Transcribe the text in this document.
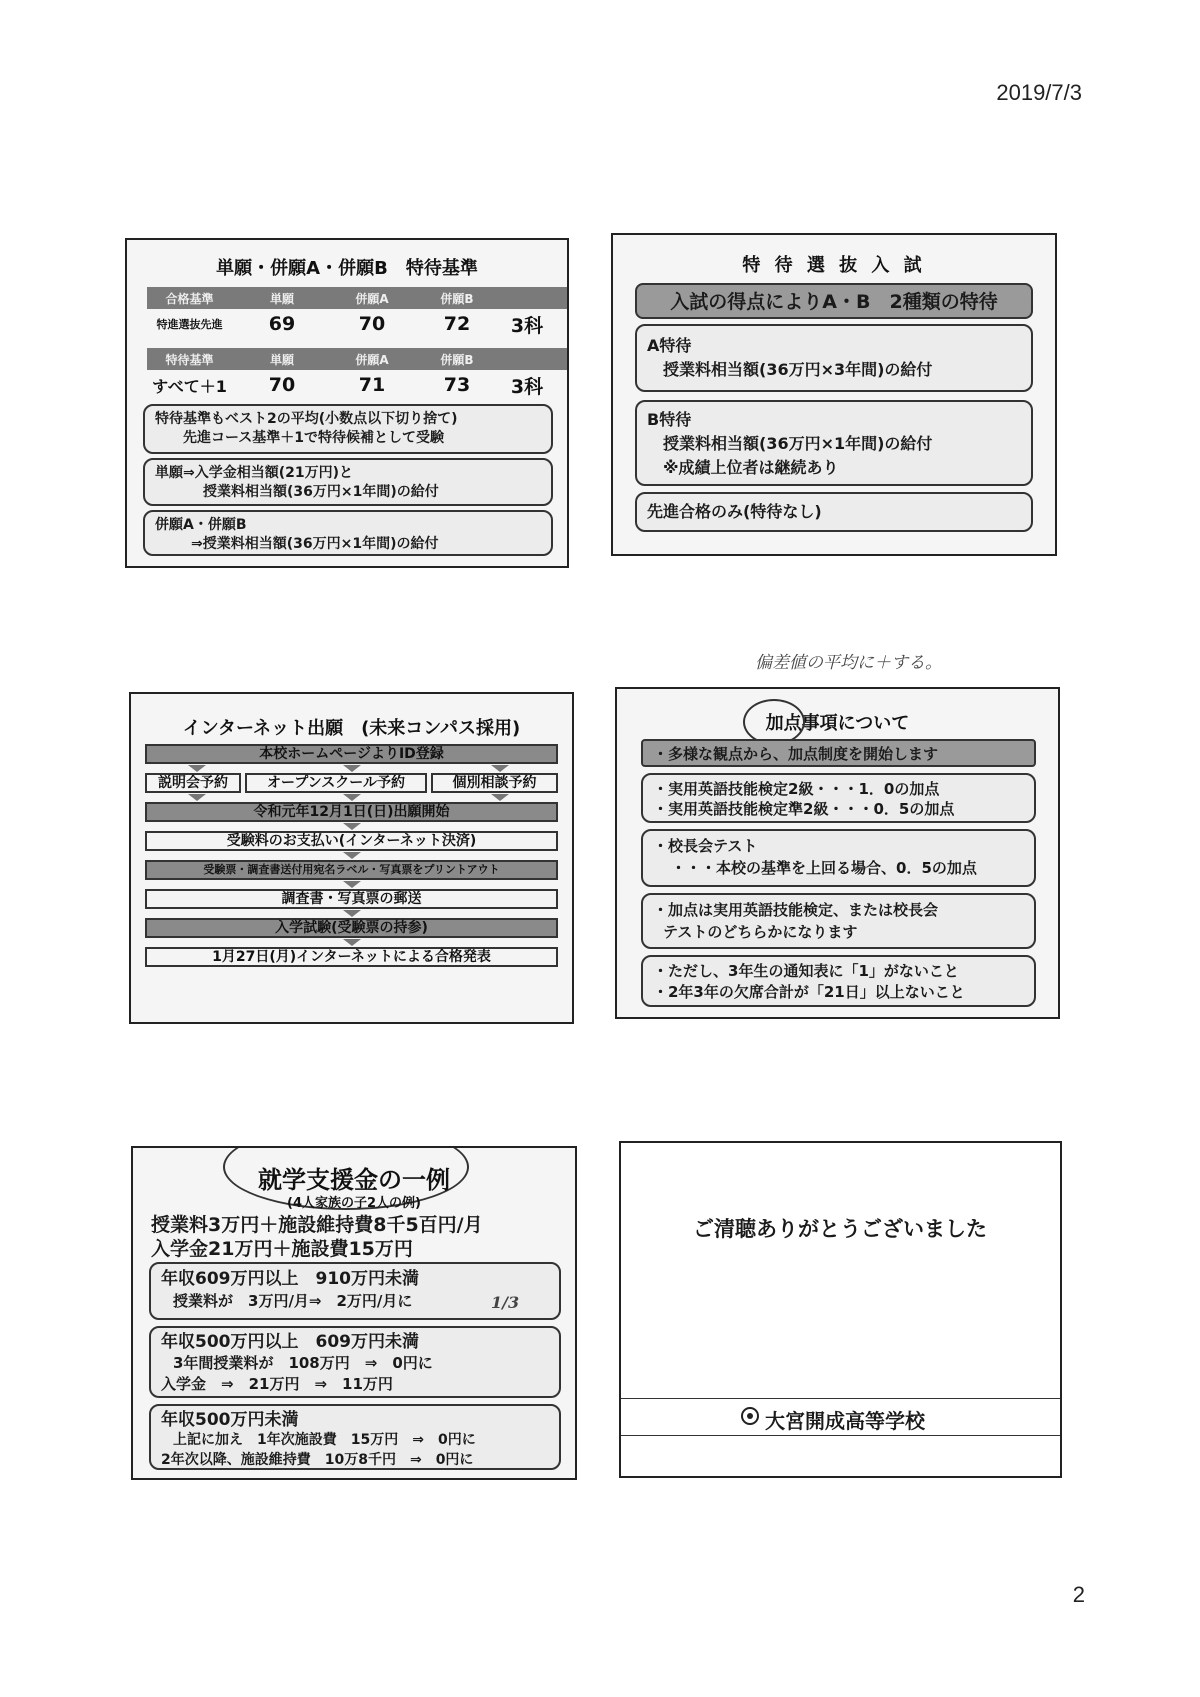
2019/7/3
2
単願・併願A・併願B　特待基準
合格基準	単願	併願A	併願B
特進選抜先進	69	70	72	3科
特待基準	単願	併願A	併願B
すべて＋1	70	71	73	3科
特待基準もベスト2の平均(小数点以下切り捨て)
先進コース基準＋1で特待候補として受験
単願⇒入学金相当額(21万円)と
授業料相当額(36万円×1年間)の給付
併願A・併願B
⇒授業料相当額(36万円×1年間)の給付
特 待 選 抜 入 試
入試の得点によりA・B　2種類の特待
A特待
授業料相当額(36万円×3年間)の給付
B特待
授業料相当額(36万円×1年間)の給付
※成績上位者は継続あり
先進合格のみ(特待なし)
インターネット出願　(未来コンパス採用)
本校ホームページよりID登録
説明会予約	オープンスクール予約	個別相談予約
令和元年12月1日(日)出願開始
受験料のお支払い(インターネット決済)
受験票・調査書送付用宛名ラベル・写真票をプリントアウト
調査書・写真票の郵送
入学試験(受験票の持参)
1月27日(月)インターネットによる合格発表
偏差値の平均に＋する。
加点事項について
・多様な観点から、加点制度を開始します
・実用英語技能検定2級・・・1．0の加点
・実用英語技能検定準2級・・・0．5の加点
・校長会テスト
・・・本校の基準を上回る場合、0．5の加点
・加点は実用英語技能検定、または校長会
テストのどちらかになります
・ただし、3年生の通知表に「1」がないこと
・2年3年の欠席合計が「21日」以上ないこと
就学支援金の一例
(4人家族の子2人の例)
授業料3万円＋施設維持費8千5百円/月
入学金21万円＋施設費15万円
年収609万円以上　910万円未満
授業料が　3万円/月⇒　2万円/月に	1/3
年収500万円以上　609万円未満
3年間授業料が　108万円　⇒　0円に
入学金　⇒　21万円　⇒　11万円
年収500万円未満
上記に加え　1年次施設費　15万円　⇒　0円に
2年次以降、施設維持費　10万8千円　⇒　0円に
ご清聴ありがとうございました
大宮開成高等学校
